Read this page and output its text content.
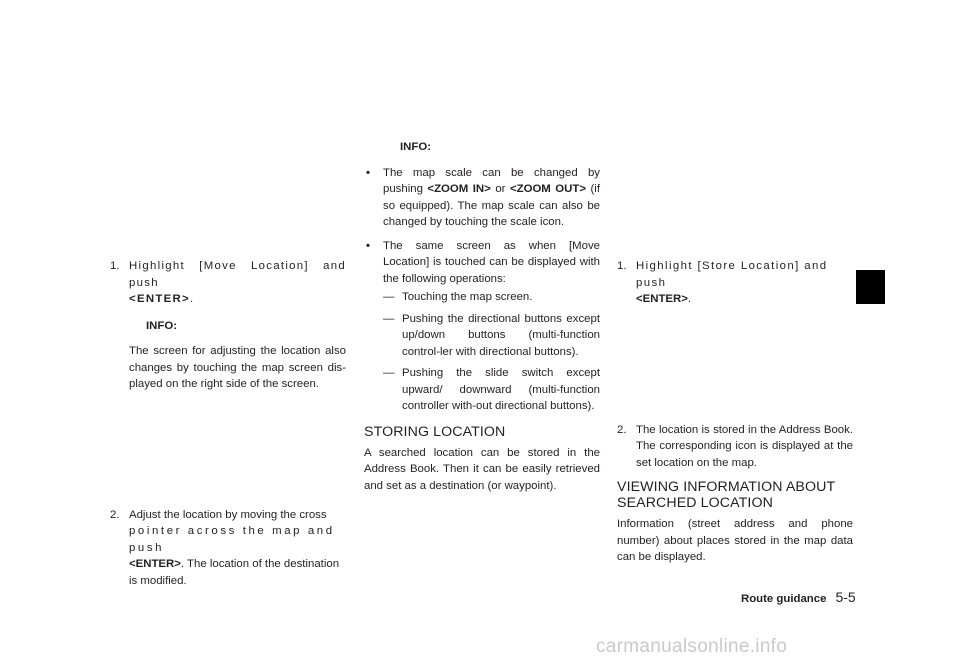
1. Highlight [Move Location] and push
<ENTER>.

INFO:

The screen for adjusting the location also changes by touching the map screen dis-played on the right side of the screen.

2. Adjust the location by moving the cross
pointer across the map and push
<ENTER>. The location of the destination is modified.

INFO:

• The map scale can be changed by pushing <ZOOM IN> or <ZOOM OUT> (if so equipped). The map scale can also be changed by touching the scale icon.

• The same screen as when [Move Location] is touched can be displayed with the following operations:

— Touching the map screen.

— Pushing the directional buttons except up/down buttons (multi-function control-ler with directional buttons).

— Pushing the slide switch except upward/ downward (multi-function controller with-out directional buttons).

STORING LOCATION

A searched location can be stored in the Address Book. Then it can be easily retrieved and set as a destination (or waypoint).

1. Highlight [Store Location] and push
<ENTER>.

2. The location is stored in the Address Book. The corresponding icon is displayed at the set location on the map.

VIEWING INFORMATION ABOUT
SEARCHED LOCATION

Information (street address and phone number) about places stored in the map data can be displayed.

Route guidance 5-5
carmanualsonline.info
